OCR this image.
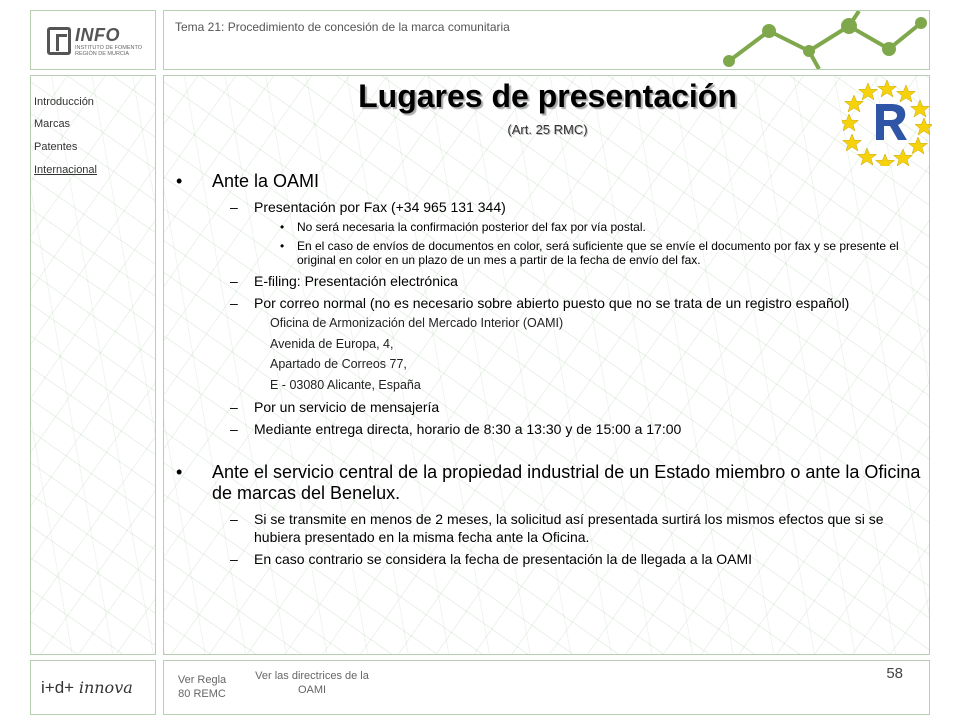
INFO
INSTITUTO DE FOMENTO
REGIÓN DE MURCIA
Tema 21: Procedimiento de concesión de la marca comunitaria
Introducción
Marcas
Patentes
Internacional
Lugares de presentación
(Art. 25 RMC)
• Ante la OAMI
– Presentación por Fax (+34 965 131 344)
• No será necesaria la confirmación posterior del fax por vía postal.
• En el caso de envíos de documentos en color, será suficiente que se envíe el documento por fax y se presente el original en color en un plazo de un mes a partir de la fecha de envío del fax.
– E-filing: Presentación electrónica
– Por correo normal (no es necesario sobre abierto puesto que no se trata de un registro español)
Oficina de Armonización del Mercado Interior (OAMI)
Avenida de Europa, 4,
Apartado de Correos 77,
E - 03080 Alicante, España
– Por un servicio de mensajería
– Mediante entrega directa, horario de 8:30 a 13:30 y de 15:00 a 17:00
• Ante el servicio central de la propiedad industrial de un Estado miembro o ante la Oficina de marcas del Benelux.
– Si se transmite en menos de 2 meses, la solicitud así presentada surtirá los mismos efectos que si se hubiera presentado en la misma fecha ante la Oficina.
– En caso contrario se considera la fecha de presentación la de llegada a la OAMI
i+d+ innova	Ver Regla 80 REMC
Ver las directrices de la OAMI
58
